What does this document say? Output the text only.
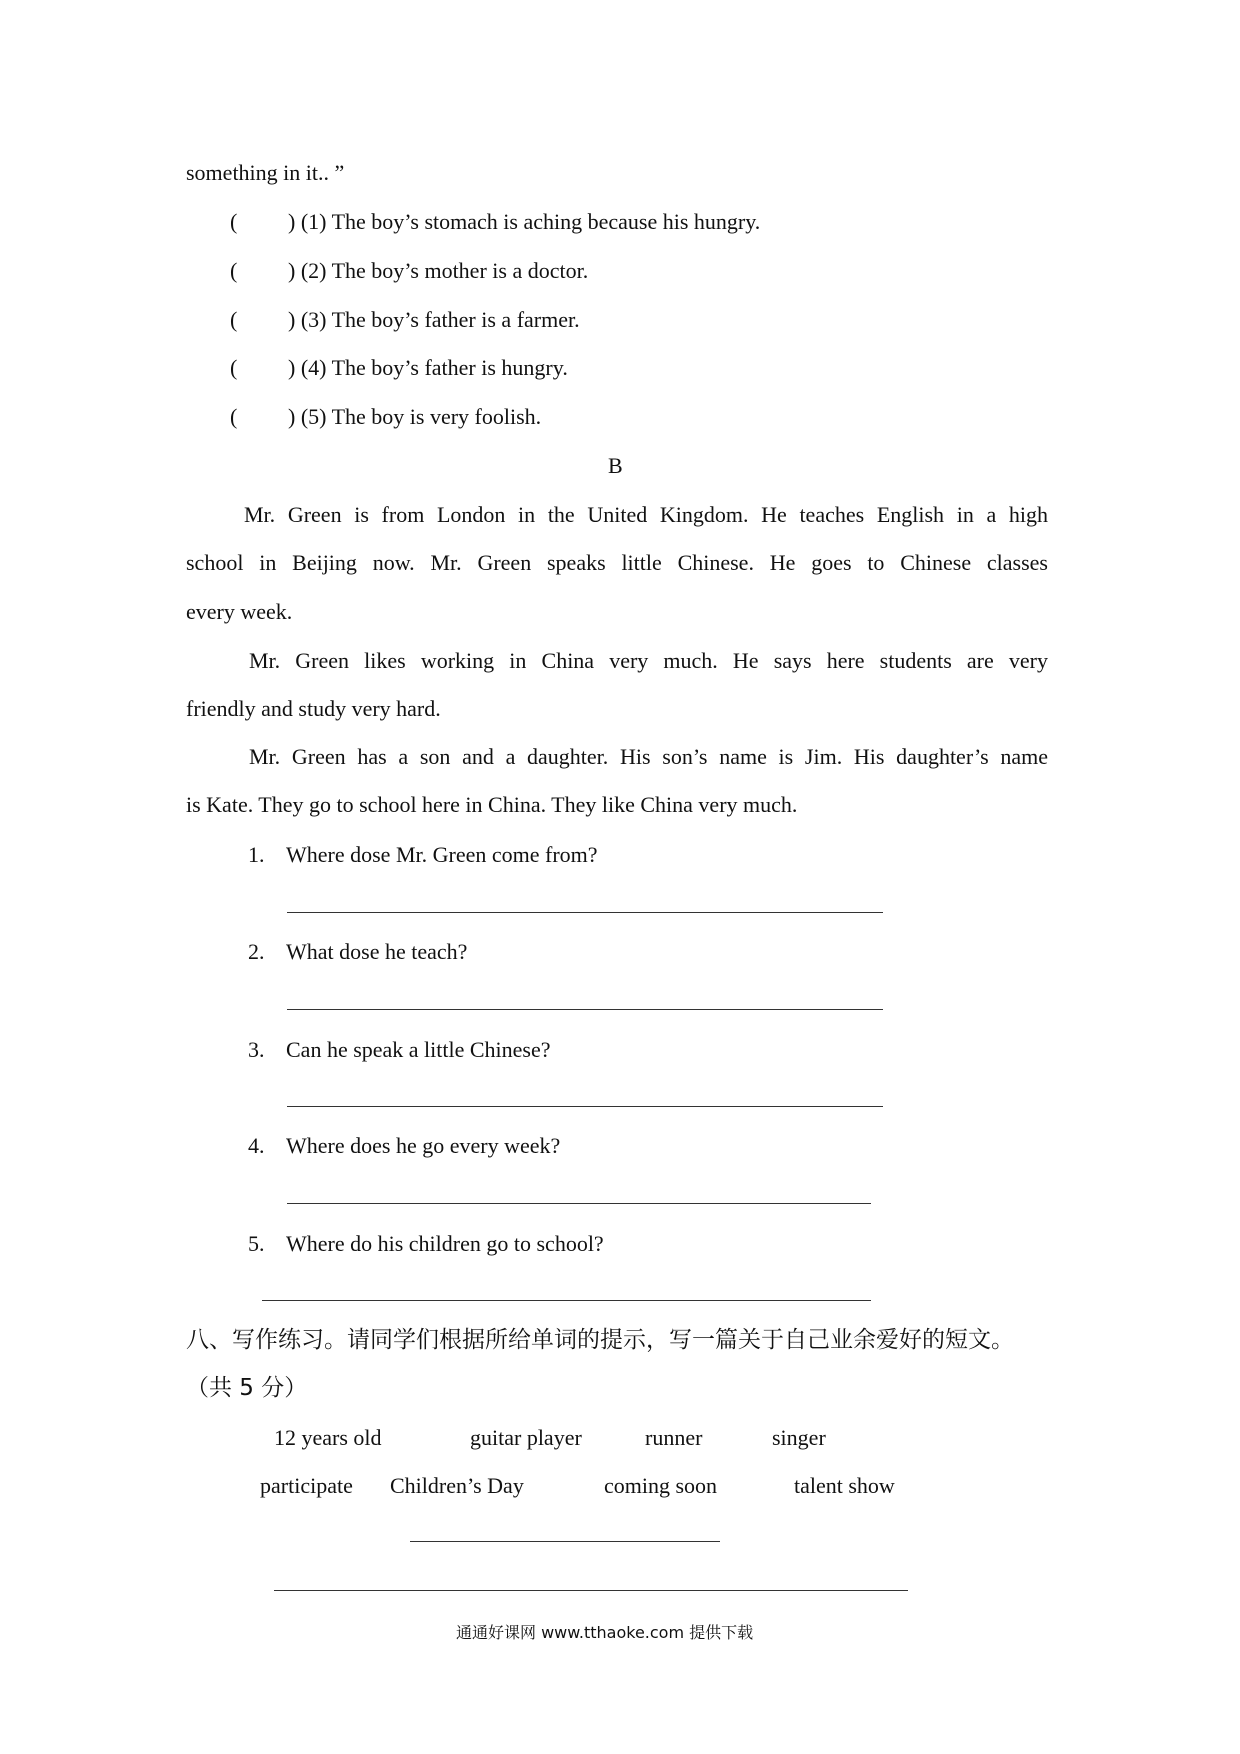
something in it.. ”
( ) (1) The boy’s stomach is aching because his hungry.
( ) (2) The boy’s mother is a doctor.
( ) (3) The boy’s father is a farmer.
( ) (4) The boy’s father is hungry.
( ) (5) The boy is very foolish.
B
Mr. Green is from London in the United Kingdom. He teaches English in a high
school in Beijing now. Mr. Green speaks little Chinese. He goes to Chinese classes
every week.
Mr. Green likes working in China very much. He says here students are very
friendly and study very hard.
Mr. Green has a son and a daughter. His son’s name is Jim. His daughter’s name
is Kate. They go to school here in China. They like China very much.
1. Where dose Mr. Green come from?
2. What dose he teach?
3. Can he speak a little Chinese?
4. Where does he go every week?
5. Where do his children go to school?
八、写作练习。请同学们根据所给单词的提示，写一篇关于自己业余爱好的短文。
（共 5 分）
12 years old	guitar player	runner	singer
participate Children’s Day	coming soon	talent show
通通好课网 www.tthaoke.com 提供下载
